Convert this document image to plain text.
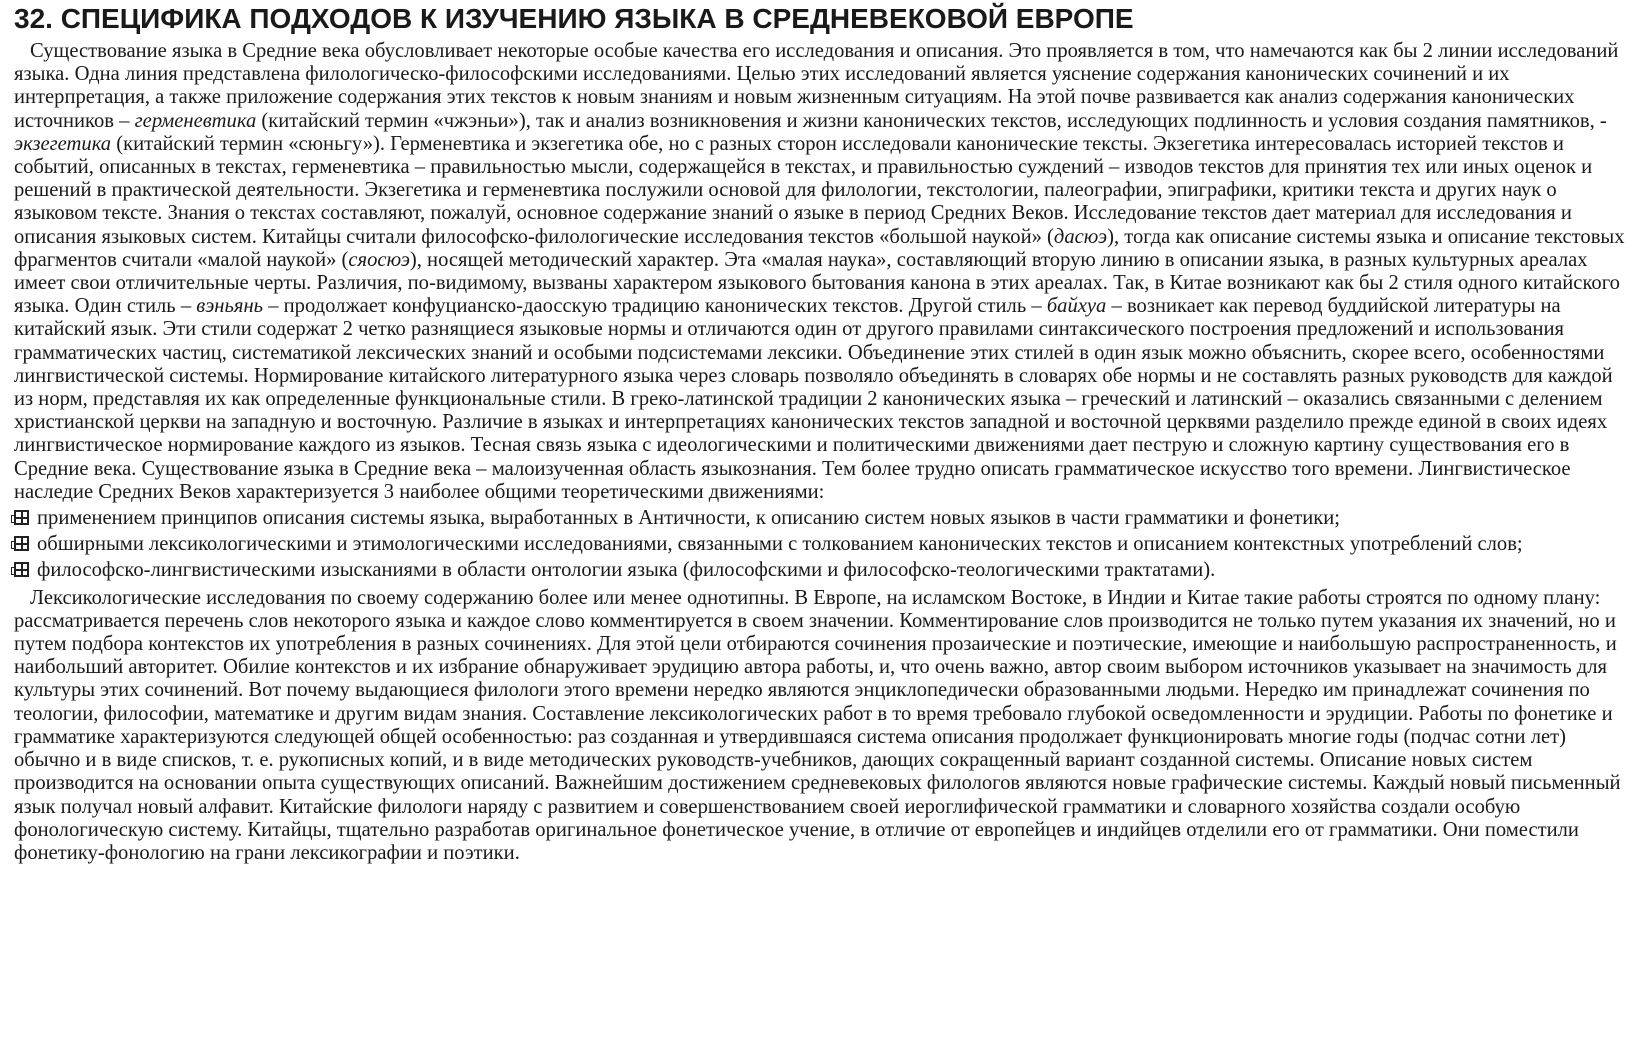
32. СПЕЦИФИКА ПОДХОДОВ К ИЗУЧЕНИЮ ЯЗЫКА В СРЕДНЕВЕКОВОЙ ЕВРОПЕ

Существование языка в Средние века обусловливает некоторые особые качества его исследования и описания. Это проявляется в том, что намечаются как бы 2 линии исследований языка. Одна линия представлена филологическо-философскими исследованиями. Целью этих исследований является уяснение содержания канонических сочинений и их интерпретация, а также приложение содержания этих текстов к новым знаниям и новым жизненным ситуациям. На этой почве развивается как анализ содержания канонических источников – герменевтика (китайский термин «чжэньи»), так и анализ возникновения и жизни канонических текстов, исследующих подлинность и условия создания памятников, - экзегетика (китайский термин «сюньгу»). Герменевтика и экзегетика обе, но с разных сторон исследовали канонические тексты. Экзегетика интересовалась историей текстов и событий, описанных в текстах, герменевтика – правильностью мысли, содержащейся в текстах, и правильностью суждений – изводов текстов для принятия тех или иных оценок и решений в практической деятельности. Экзегетика и герменевтика послужили основой для филологии, текстологии, палеографии, эпиграфики, критики текста и других наук о языковом тексте. Знания о текстах составляют, пожалуй, основное содержание знаний о языке в период Средних Веков. Исследование текстов дает материал для исследования и описания языковых систем. Китайцы считали философско-филологические исследования текстов «большой наукой» (дасюэ), тогда как описание системы языка и описание текстовых фрагментов считали «малой наукой» (сяосюэ), носящей методический характер. Эта «малая наука», составляющий вторую линию в описании языка, в разных культурных ареалах имеет свои отличительные черты. Различия, по-видимому, вызваны характером языкового бытования канона в этих ареалах. Так, в Китае возникают как бы 2 стиля одного китайского языка. Один стиль – вэньянь – продолжает конфуцианско-даосскую традицию канонических текстов. Другой стиль – байхуа – возникает как перевод буддийской литературы на китайский язык. Эти стили содержат 2 четко разнящиеся языковые нормы и отличаются один от другого правилами синтаксического построения предложений и использования грамматических частиц, систематикой лексических знаний и особыми подсистемами лексики. Объединение этих стилей в один язык можно объяснить, скорее всего, особенностями лингвистической системы. Нормирование китайского литературного языка через словарь позволяло объединять в словарях обе нормы и не составлять разных руководств для каждой из норм, представляя их как определенные функциональные стили. В греко-латинской традиции 2 канонических языка – греческий и латинский – оказались связанными с делением христианской церкви на западную и восточную. Различие в языках и интерпретациях канонических текстов западной и восточной церквями разделило прежде единой в своих идеях лингвистическое нормирование каждого из языков. Тесная связь языка с идеологическими и политическими движениями дает пеструю и сложную картину существования его в Средние века. Существование языка в Средние века – малоизученная область языкознания. Тем более трудно описать грамматическое искусство того времени. Лингвистическое наследие Средних Веков характеризуется 3 наиболее общими теоретическими движениями:

применением принципов описания системы языка, выработанных в Античности, к описанию систем новых языков в части грамматики и фонетики;

обширными лексикологическими и этимологическими исследованиями, связанными с толкованием канонических текстов и описанием контекстных употреблений слов;

философско-лингвистическими изысканиями в области онтологии языка (философскими и философско-теологическими трактатами).

Лексикологические исследования по своему содержанию более или менее однотипны. В Европе, на исламском Востоке, в Индии и Китае такие работы строятся по одному плану: рассматривается перечень слов некоторого языка и каждое слово комментируется в своем значении. Комментирование слов производится не только путем указания их значений, но и путем подбора контекстов их употребления в разных сочинениях. Для этой цели отбираются сочинения прозаические и поэтические, имеющие и наибольшую распространенность, и наибольший авторитет. Обилие контекстов и их избрание обнаруживает эрудицию автора работы, и, что очень важно, автор своим выбором источников указывает на значимость для культуры этих сочинений. Вот почему выдающиеся филологи этого времени нередко являются энциклопедически образованными людьми. Нередко им принадлежат сочинения по теологии, философии, математике и другим видам знания. Составление лексикологических работ в то время требовало глубокой осведомленности и эрудиции. Работы по фонетике и грамматике характеризуются следующей общей особенностью: раз созданная и утвердившаяся система описания продолжает функционировать многие годы (подчас сотни лет) обычно и в виде списков, т. е. рукописных копий, и в виде методических руководств-учебников, дающих сокращенный вариант созданной системы. Описание новых систем производится на основании опыта существующих описаний. Важнейшим достижением средневековых филологов являются новые графические системы. Каждый новый письменный язык получал новый алфавит. Китайские филологи наряду с развитием и совершенствованием своей иероглифической грамматики и словарного хозяйства создали особую фонологическую систему. Китайцы, тщательно разработав оригинальное фонетическое учение, в отличие от европейцев и индийцев отделили его от грамматики. Они поместили фонетику-фонологию на грани лексикографии и поэтики.
